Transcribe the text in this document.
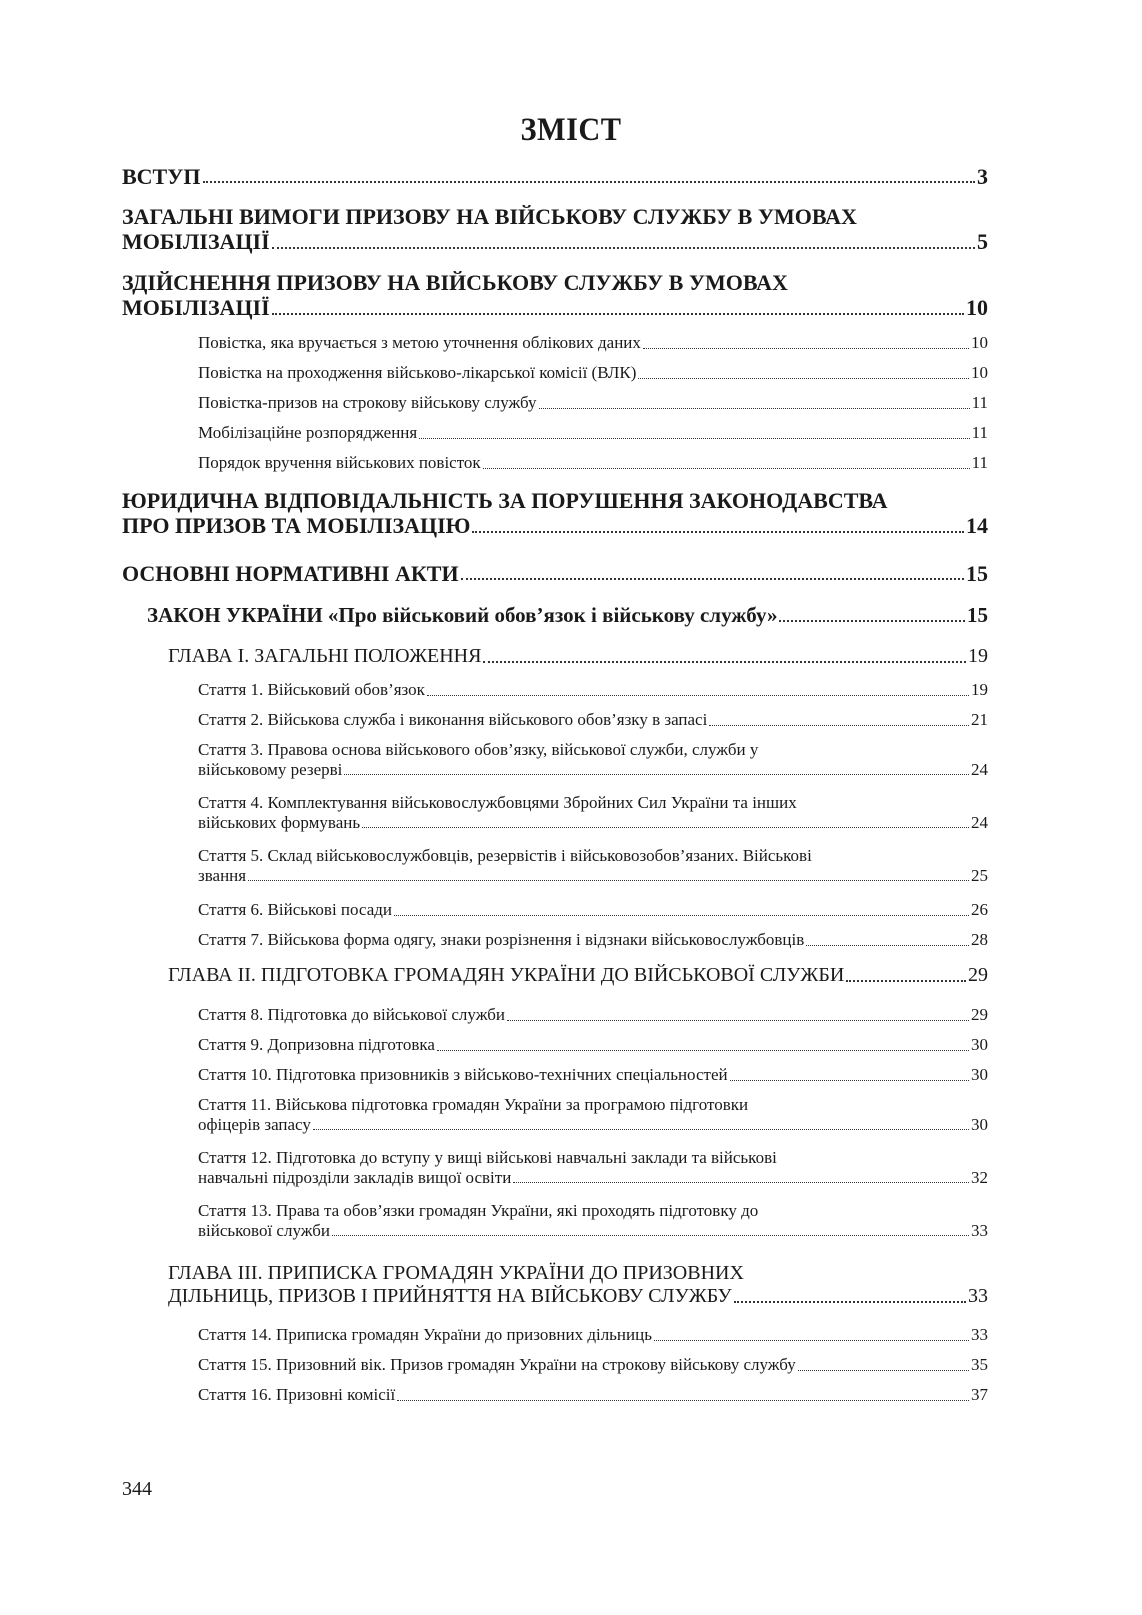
ЗМІСТ
ВСТУП	3
ЗАГАЛЬНІ ВИМОГИ ПРИЗОВУ НА ВІЙСЬКОВУ СЛУЖБУ В УМОВАХ
МОБІЛІЗАЦІЇ	5
ЗДІЙСНЕННЯ ПРИЗОВУ НА ВІЙСЬКОВУ СЛУЖБУ В УМОВАХ
МОБІЛІЗАЦІЇ	10
Повістка, яка вручається з метою уточнення облікових даних	10
Повістка на проходження військово-лікарської комісії (ВЛК)	10
Повістка-призов на строкову військову службу	11
Мобілізаційне розпорядження	11
Порядок вручення військових повісток	11
ЮРИДИЧНА ВІДПОВІДАЛЬНІСТЬ ЗА ПОРУШЕННЯ ЗАКОНОДАВСТВА
ПРО ПРИЗОВ ТА МОБІЛІЗАЦІЮ	14
ОСНОВНІ НОРМАТИВНІ АКТИ	15
ЗАКОН УКРАЇНИ «Про військовий обов’язок і військову службу»	15
ГЛАВА І. ЗАГАЛЬНІ ПОЛОЖЕННЯ	19
Стаття 1. Військовий обов’язок	19
Стаття 2. Військова служба і виконання військового обов’язку в запасі	21
Стаття 3. Правова основа військового обов’язку, військової служби, служби у
військовому резерві	24
Стаття 4. Комплектування військовослужбовцями Збройних Сил України та інших
військових формувань	24
Стаття 5. Склад військовослужбовців, резервістів і військовозобов’язаних. Військові
звання	25
Стаття 6. Військові посади	26
Стаття 7. Військова форма одягу, знаки розрізнення і відзнаки військовослужбовців	28
ГЛАВА ІІ. ПІДГОТОВКА ГРОМАДЯН УКРАЇНИ ДО ВІЙСЬКОВОЇ СЛУЖБИ	29
Стаття 8. Підготовка до військової служби	29
Стаття 9. Допризовна підготовка	30
Стаття 10. Підготовка призовників з військово-технічних спеціальностей	30
Стаття 11. Військова підготовка громадян України за програмою підготовки
офіцерів запасу	30
Стаття 12. Підготовка до вступу у вищі військові навчальні заклади та військові
навчальні підрозділи закладів вищої освіти	32
Стаття 13. Права та обов’язки громадян України, які проходять підготовку до
військової служби	33
ГЛАВА ІІІ. ПРИПИСКА ГРОМАДЯН УКРАЇНИ ДО ПРИЗОВНИХ
ДІЛЬНИЦЬ, ПРИЗОВ І ПРИЙНЯТТЯ НА ВІЙСЬКОВУ СЛУЖБУ	33
Стаття 14. Приписка громадян України до призовних дільниць	33
Стаття 15. Призовний вік. Призов громадян України на строкову військову службу	35
Стаття 16. Призовні комісії	37
344
